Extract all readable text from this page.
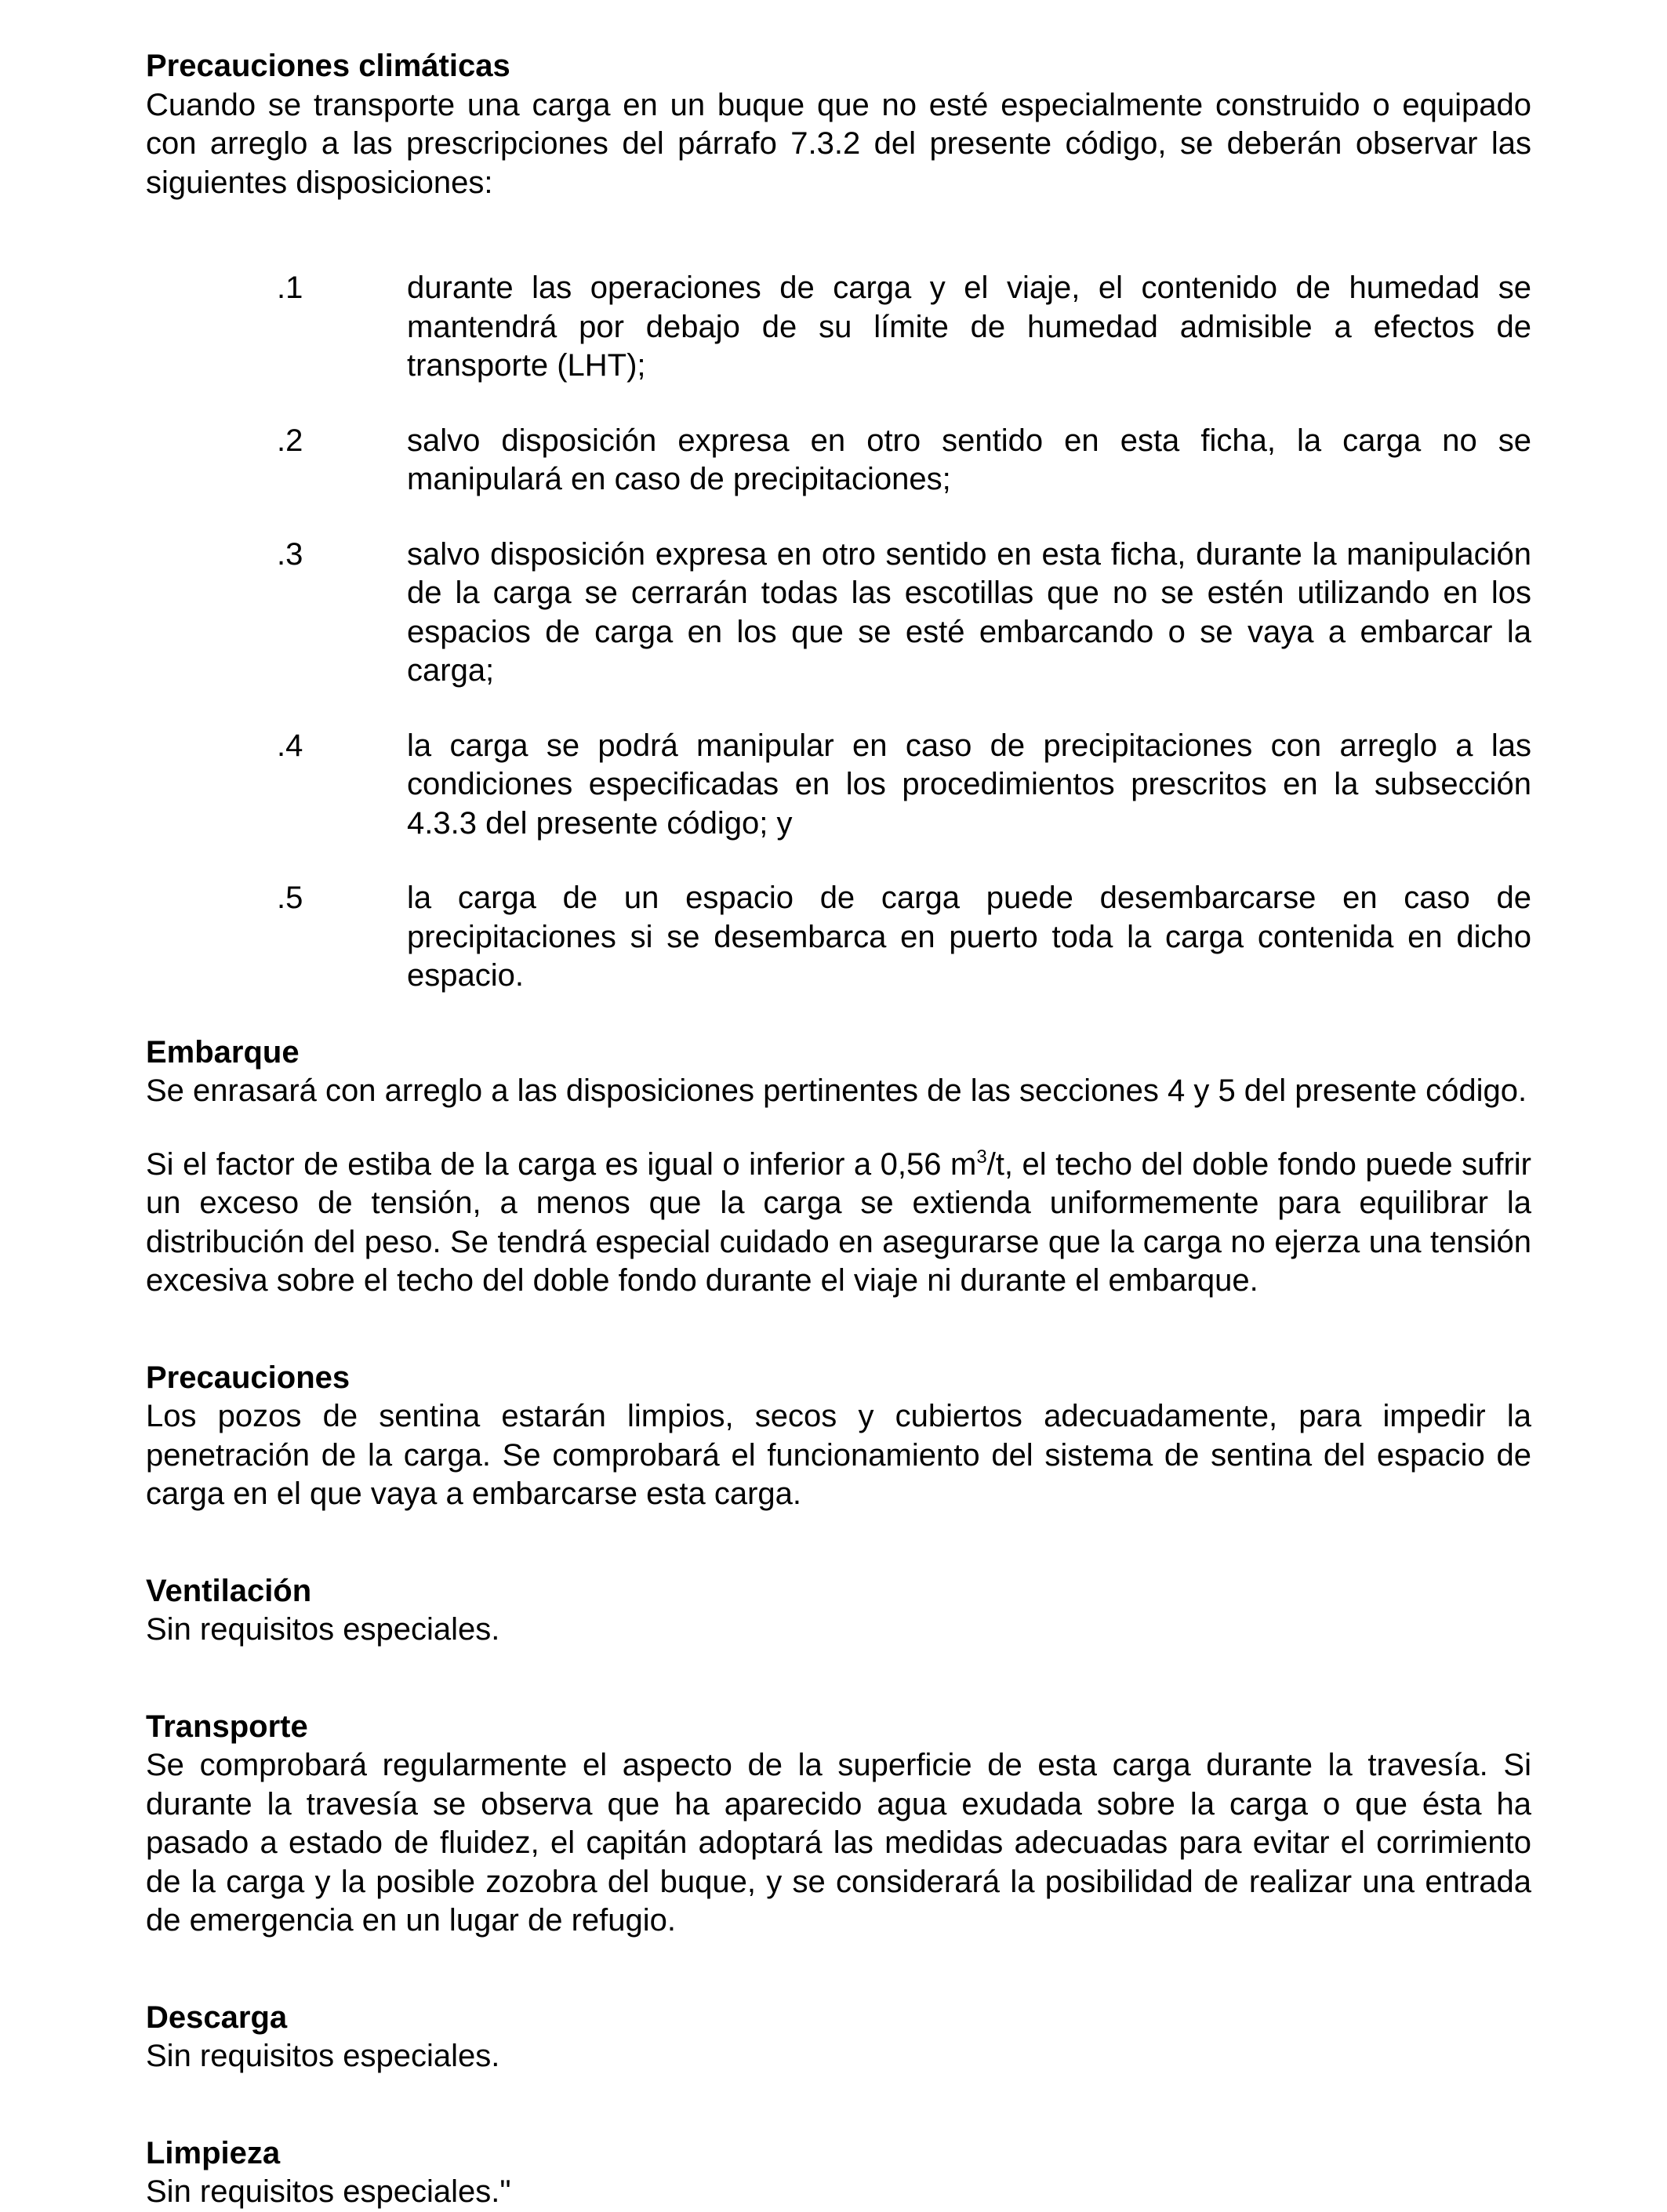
Precauciones climáticas

Cuando se transporte una carga en un buque que no esté especialmente construido o equipado con arreglo a las prescripciones del párrafo 7.3.2 del presente código, se deberán observar las siguientes disposiciones:

.1	durante las operaciones de carga y el viaje, el contenido de humedad se mantendrá por debajo de su límite de humedad admisible a efectos de transporte (LHT);
.2	salvo disposición expresa en otro sentido en esta ficha, la carga no se manipulará en caso de precipitaciones;
.3	salvo disposición expresa en otro sentido en esta ficha, durante la manipulación de la carga se cerrarán todas las escotillas que no se estén utilizando en los espacios de carga en los que se esté embarcando o se vaya a embarcar la carga;
.4	la carga se podrá manipular en caso de precipitaciones con arreglo a las condiciones especificadas en los procedimientos prescritos en la subsección 4.3.3 del presente código; y
.5	la carga de un espacio de carga puede desembarcarse en caso de precipitaciones si se desembarca en puerto toda la carga contenida en dicho espacio.

Embarque

Se enrasará con arreglo a las disposiciones pertinentes de las secciones 4 y 5 del presente código.

Si el factor de estiba de la carga es igual o inferior a 0,56 $m^3/t$, el techo del doble fondo puede sufrir un exceso de tensión, a menos que la carga se extienda uniformemente para equilibrar la distribución del peso. Se tendrá especial cuidado en asegurarse que la carga no ejerza una tensión excesiva sobre el techo del doble fondo durante el viaje ni durante el embarque.

Precauciones

Los pozos de sentina estarán limpios, secos y cubiertos adecuadamente, para impedir la penetración de la carga. Se comprobará el funcionamiento del sistema de sentina del espacio de carga en el que vaya a embarcarse esta carga.

Ventilación

Sin requisitos especiales.

Transporte

Se comprobará regularmente el aspecto de la superficie de esta carga durante la travesía. Si durante la travesía se observa que ha aparecido agua exudada sobre la carga o que ésta ha pasado a estado de fluidez, el capitán adoptará las medidas adecuadas para evitar el corrimiento de la carga y la posible zozobra del buque, y se considerará la posibilidad de realizar una entrada de emergencia en un lugar de refugio.

Descarga

Sin requisitos especiales.

Limpieza

Sin requisitos especiales."
